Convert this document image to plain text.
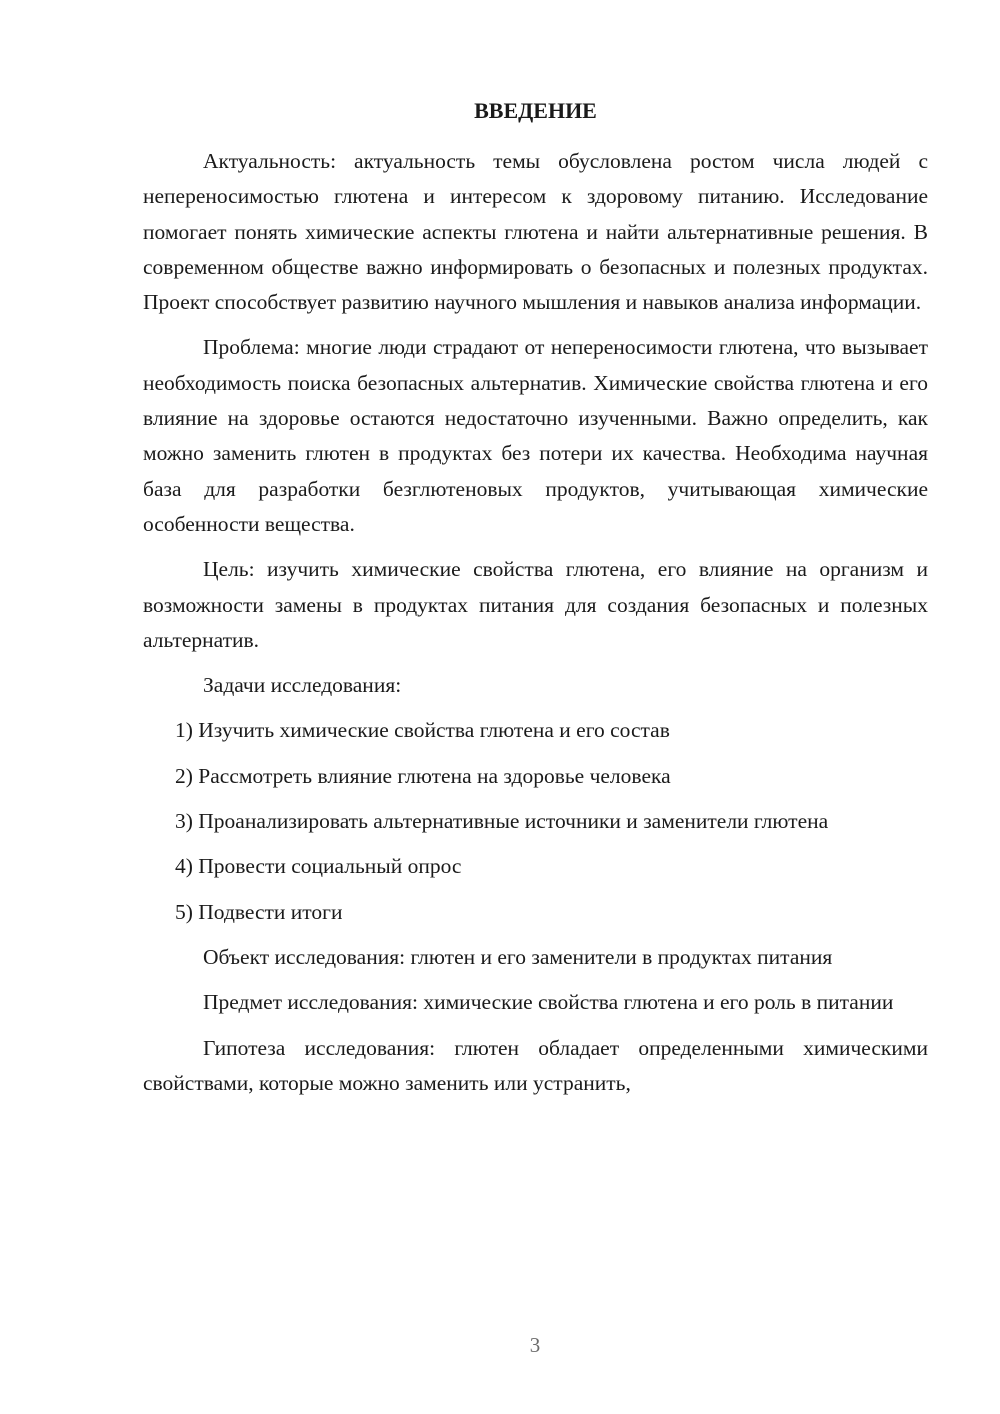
ВВЕДЕНИЕ

Актуальность: актуальность темы обусловлена ростом числа людей с непереносимостью глютена и интересом к здоровому питанию. Исследование помогает понять химические аспекты глютена и найти альтернативные решения. В современном обществе важно информировать о безопасных и полезных продуктах. Проект способствует развитию научного мышления и навыков анализа информации.

Проблема: многие люди страдают от непереносимости глютена, что вызывает необходимость поиска безопасных альтернатив. Химические свойства глютена и его влияние на здоровье остаются недостаточно изученными. Важно определить, как можно заменить глютен в продуктах без потери их качества. Необходима научная база для разработки безглютеновых продуктов, учитывающая химические особенности вещества.

Цель: изучить химические свойства глютена, его влияние на организм и возможности замены в продуктах питания для создания безопасных и полезных альтернатив.

Задачи исследования:

1) Изучить химические свойства глютена и его состав

2) Рассмотреть влияние глютена на здоровье человека

3) Проанализировать альтернативные источники и заменители глютена

4) Провести социальный опрос

5) Подвести итоги

Объект исследования: глютен и его заменители в продуктах питания

Предмет исследования: химические свойства глютена и его роль в питании

Гипотеза исследования: глютен обладает определенными химическими свойствами, которые можно заменить или устранить,

3
